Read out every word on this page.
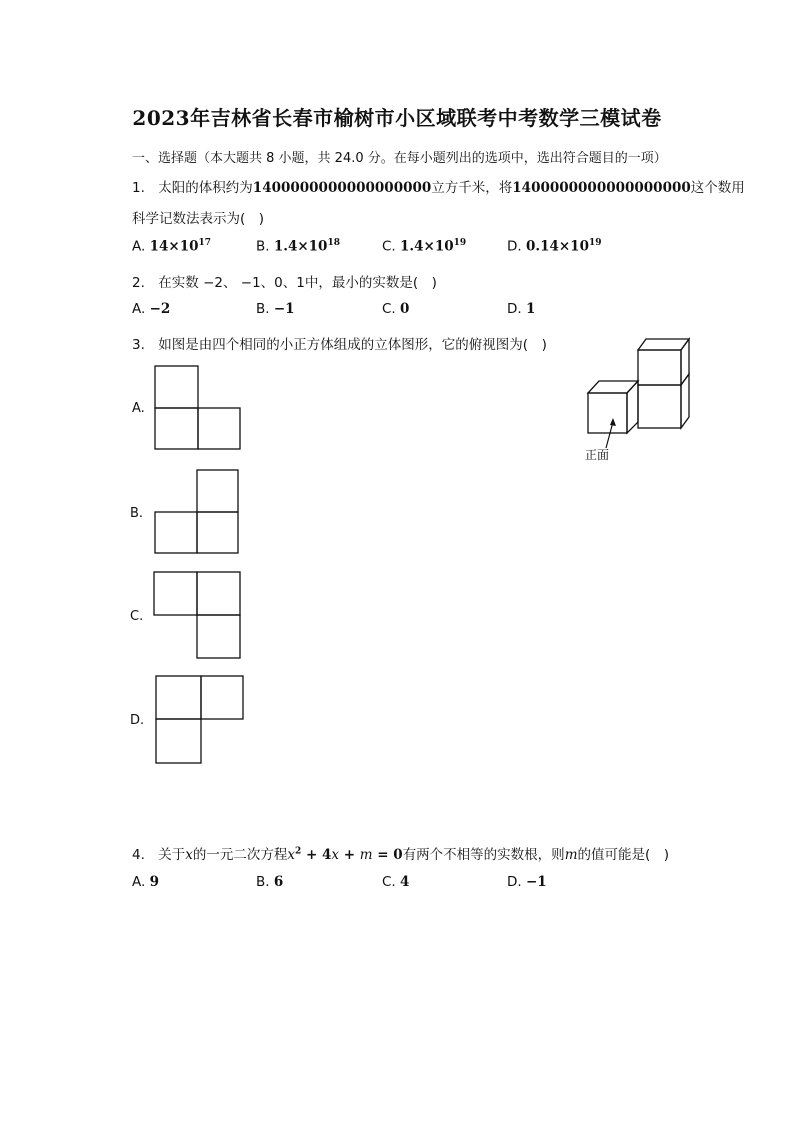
2023年吉林省长春市榆树市小区域联考中考数学三模试卷
一、选择题（本大题共 8 小题，共 24.0 分。在每小题列出的选项中，选出符合题目的一项）
1. 太阳的体积约为1400000000000000000立方千米，将1400000000000000000这个数用
科学记数法表示为(　)
A. $14\times 10^{17}$	B. $1.4\times 10^{18}$	C. $1.4\times 10^{19}$	D. $0.14\times 10^{19}$
2. 在实数 −2、 −1、0、1中，最小的实数是(　)
A. −2	B. −1	C. 0	D. 1
3. 如图是由四个相同的小正方体组成的立体图形，它的俯视图为(　)
正面
A.
B.
C.
D.
4. 关于x的一元二次方程$x^2 + 4x + m = 0$有两个不相等的实数根，则m的值可能是(　)
A. 9	B. 6	C. 4	D. −1
